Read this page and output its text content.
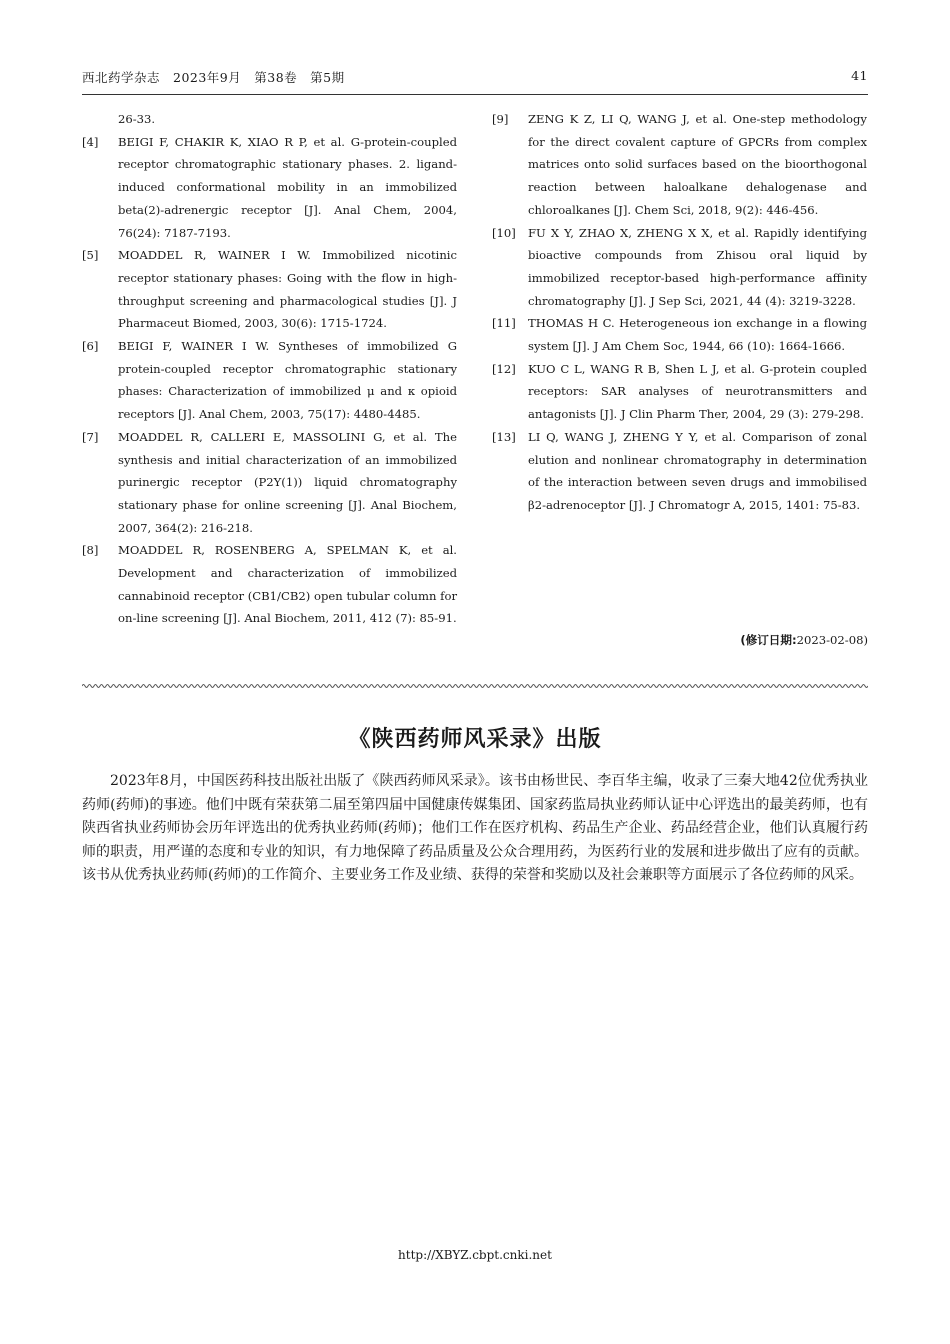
西北药学杂志　2023年9月　第38卷　第5期	41
26-33.
[4] BEIGI F, CHAKIR K, XIAO R P, et al. G-protein-coupled receptor chromatographic stationary phases. 2. ligand-induced conformational mobility in an immobilized beta(2)-adrenergic receptor [J]. Anal Chem, 2004, 76(24): 7187-7193.
[5] MOADDEL R, WAINER I W. Immobilized nicotinic receptor stationary phases: Going with the flow in high-throughput screening and pharmacological studies [J]. J Pharmaceut Biomed, 2003, 30(6): 1715-1724.
[6] BEIGI F, WAINER I W. Syntheses of immobilized G protein-coupled receptor chromatographic stationary phases: Characterization of immobilized μ and κ opioid receptors [J]. Anal Chem, 2003, 75(17): 4480-4485.
[7] MOADDEL R, CALLERI E, MASSOLINI G, et al. The synthesis and initial characterization of an immobilized purinergic receptor (P2Y(1)) liquid chromatography stationary phase for online screening [J]. Anal Biochem, 2007, 364(2): 216-218.
[8] MOADDEL R, ROSENBERG A, SPELMAN K, et al. Development and characterization of immobilized cannabinoid receptor (CB1/CB2) open tubular column for on-line screening [J]. Anal Biochem, 2011, 412 (7): 85-91.
[9] ZENG K Z, LI Q, WANG J, et al. One-step methodology for the direct covalent capture of GPCRs from complex matrices onto solid surfaces based on the bioorthogonal reaction between haloalkane dehalogenase and chloroalkanes [J]. Chem Sci, 2018, 9(2): 446-456.
[10] FU X Y, ZHAO X, ZHENG X X, et al. Rapidly identifying bioactive compounds from Zhisou oral liquid by immobilized receptor-based high-performance affinity chromatography [J]. J Sep Sci, 2021, 44 (4): 3219-3228.
[11] THOMAS H C. Heterogeneous ion exchange in a flowing system [J]. J Am Chem Soc, 1944, 66 (10): 1664-1666.
[12] KUO C L, WANG R B, Shen L J, et al. G-protein coupled receptors: SAR analyses of neurotransmitters and antagonists [J]. J Clin Pharm Ther, 2004, 29 (3): 279-298.
[13] LI Q, WANG J, ZHENG Y Y, et al. Comparison of zonal elution and nonlinear chromatography in determination of the interaction between seven drugs and immobilised β2-adrenoceptor [J]. J Chromatogr A, 2015, 1401: 75-83.
(修订日期:2023-02-08)
《陕西药师风采录》出版
2023年8月，中国医药科技出版社出版了《陕西药师风采录》。该书由杨世民、李百华主编，收录了三秦大地42位优秀执业药师(药师)的事迹。他们中既有荣获第二届至第四届中国健康传媒集团、国家药监局执业药师认证中心评选出的最美药师，也有陕西省执业药师协会历年评选出的优秀执业药师(药师)；他们工作在医疗机构、药品生产企业、药品经营企业，他们认真履行药师的职责，用严谨的态度和专业的知识，有力地保障了药品质量及公众合理用药，为医药行业的发展和进步做出了应有的贡献。该书从优秀执业药师(药师)的工作简介、主要业务工作及业绩、获得的荣誉和奖励以及社会兼职等方面展示了各位药师的风采。
http://XBYZ.cbpt.cnki.net
